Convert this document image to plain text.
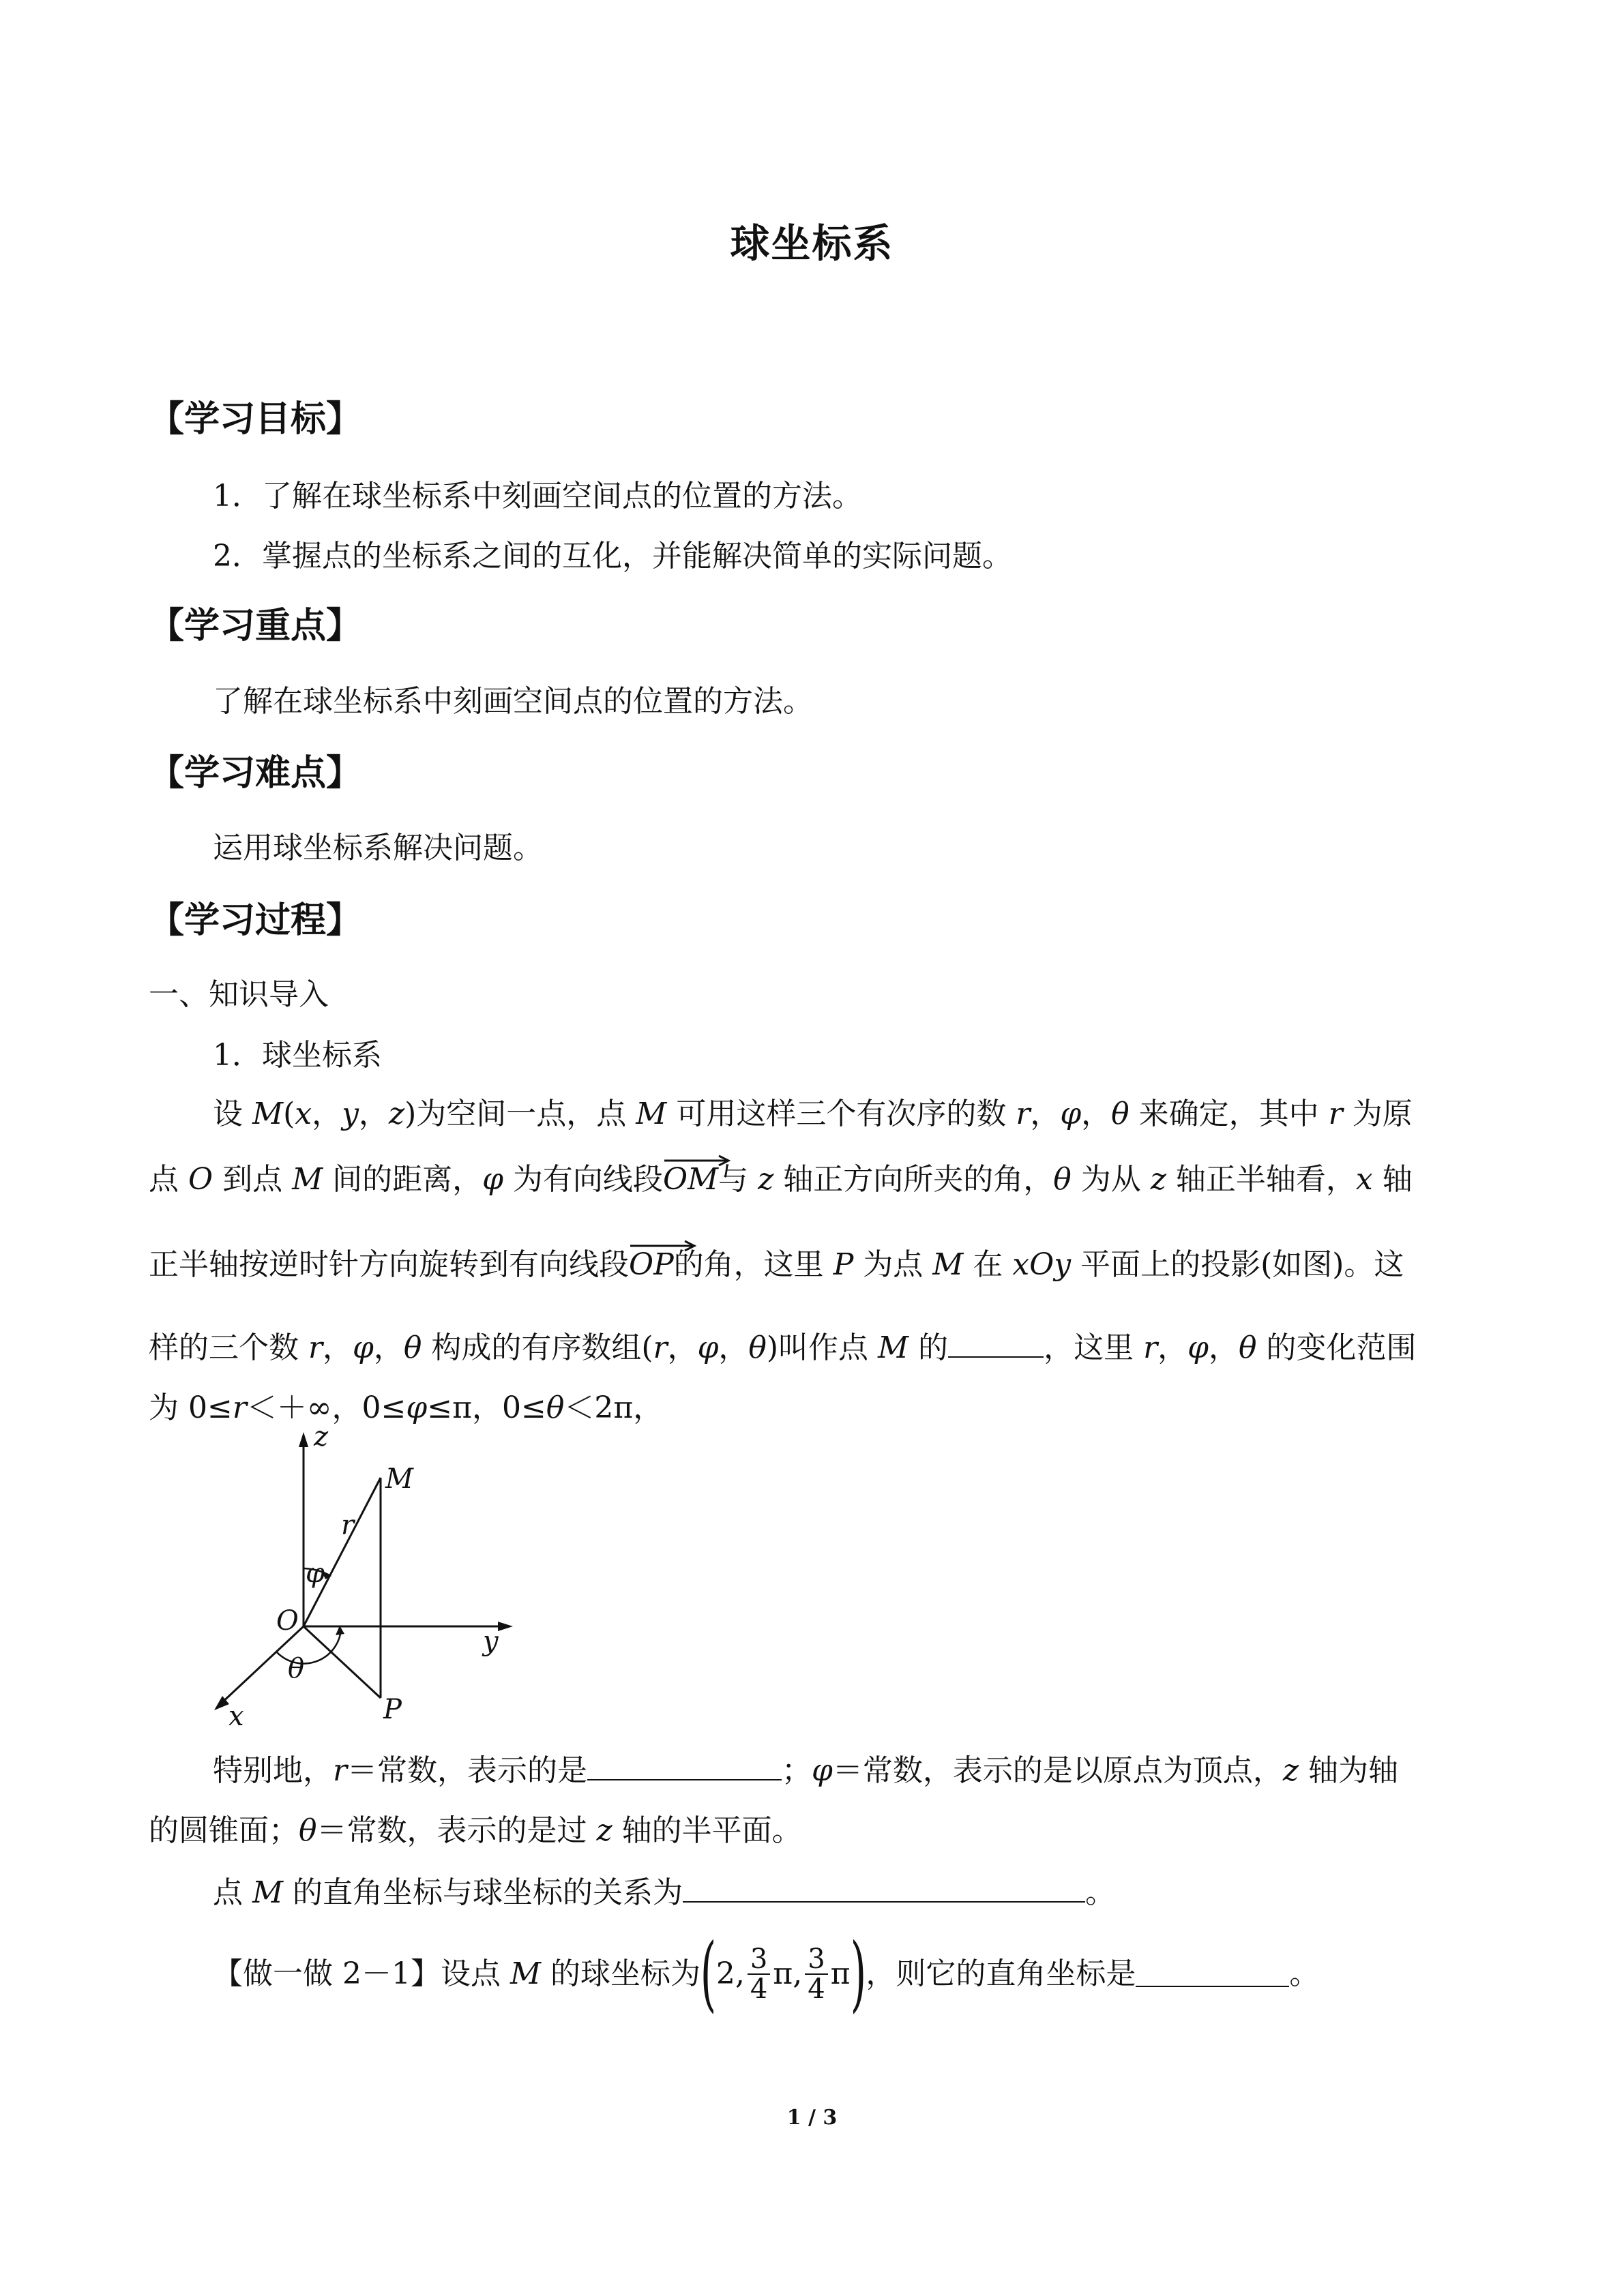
球坐标系
【学习目标】
1．了解在球坐标系中刻画空间点的位置的方法。
2．掌握点的坐标系之间的互化，并能解决简单的实际问题。
【学习重点】
了解在球坐标系中刻画空间点的位置的方法。
【学习难点】
运用球坐标系解决问题。
【学习过程】
一、知识导入
1．球坐标系
设 M(x，y，z)为空间一点，点 M 可用这样三个有次序的数 r，φ，θ 来确定，其中 r 为原
点 O 到点 M 间的距离，φ 为有向线段
OM与 z 轴正方向所夹的角，θ 为从 z 轴正半轴看，x 轴
正半轴按逆时针方向旋转到有向线段
OP的角，这里 P 为点 M 在 xOy 平面上的投影(如图)。这
样的三个数 r，φ，θ 构成的有序数组(r，φ，θ)叫作点 M 的	，这里 r，φ，θ 的变化范围
为 0≤r＜＋∞，0≤φ≤π，0≤θ＜2π，
z
M
r
φ
O
y
θ
x	P
特别地，r＝常数，表示的是	；φ＝常数，表示的是以原点为顶点，z 轴为轴
的圆锥面；θ＝常数，表示的是过 z 轴的半平面。
点 M 的直角坐标与球坐标的关系为	。
【做一做 2－1】设点 M 的球坐标为(2, $\frac{3}{4} \pi$, $\frac{3}{4} \pi$)，则它的直角坐标是	。
1 / 3
